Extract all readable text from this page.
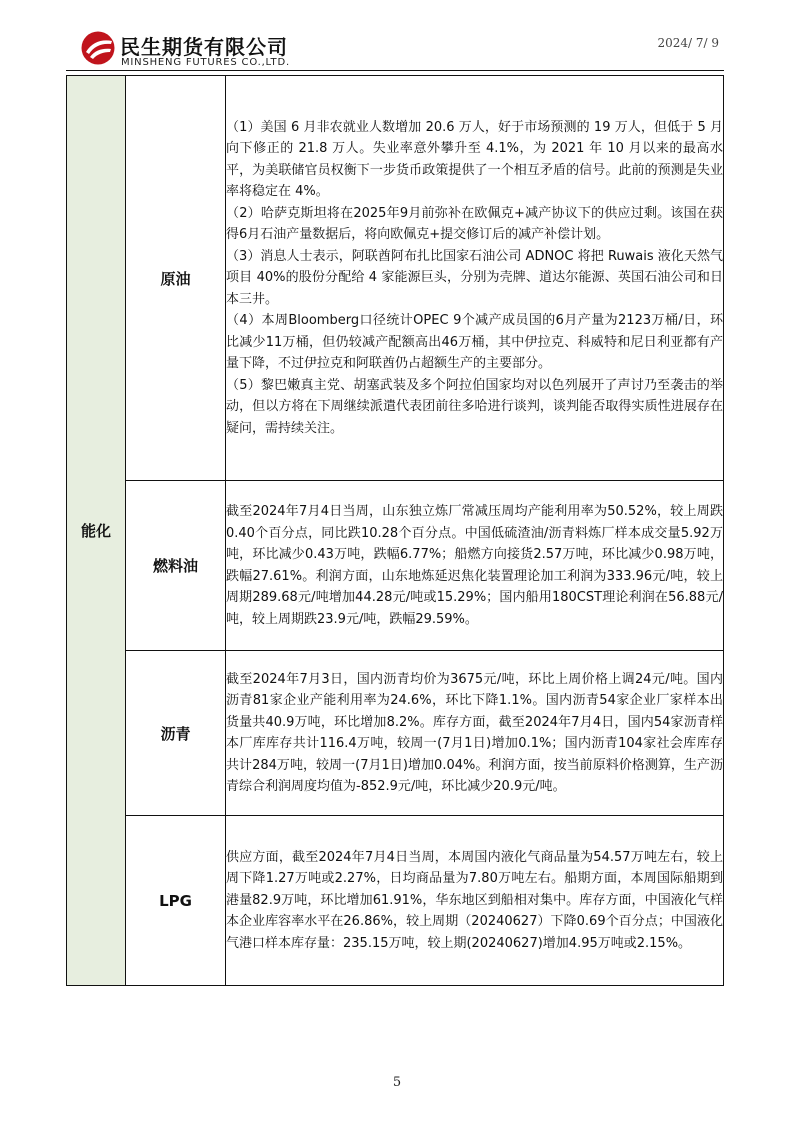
民生期货有限公司
MINSHENG FUTURES CO.,LTD.
2024/ 7/ 9
能化	原油	（1）美国 6 月非农就业人数增加 20.6 万人，好于市场预测的 19 万人，但低于 5 月向下修正的 21.8 万人。失业率意外攀升至 4.1%，为 2021 年 10 月以来的最高水平，为美联储官员权衡下一步货币政策提供了一个相互矛盾的信号。此前的预测是失业率将稳定在 4%。

（2）哈萨克斯坦将在2025年9月前弥补在欧佩克+减产协议下的供应过剩。该国在获得6月石油产量数据后，将向欧佩克+提交修订后的减产补偿计划。

（3）消息人士表示，阿联酋阿布扎比国家石油公司 ADNOC 将把 Ruwais 液化天然气项目 40%的股份分配给 4 家能源巨头，分别为壳牌、道达尔能源、英国石油公司和日本三井。

（4）本周Bloomberg口径统计OPEC 9个减产成员国的6月产量为2123万桶/日，环比减少11万桶，但仍较减产配额高出46万桶，其中伊拉克、科威特和尼日利亚都有产量下降，不过伊拉克和阿联酋仍占超额生产的主要部分。

（5）黎巴嫩真主党、胡塞武装及多个阿拉伯国家均对以色列展开了声讨乃至袭击的举动，但以方将在下周继续派遣代表团前往多哈进行谈判，谈判能否取得实质性进展存在疑问，需持续关注。

	燃料油	截至2024年7月4日当周，山东独立炼厂常减压周均产能利用率为50.52%，较上周跌0.40个百分点，同比跌10.28个百分点。中国低硫渣油/沥青料炼厂样本成交量5.92万吨，环比减少0.43万吨，跌幅6.77%；船燃方向接货2.57万吨，环比减少0.98万吨，跌幅27.61%。利润方面，山东地炼延迟焦化装置理论加工利润为333.96元/吨，较上周期289.68元/吨增加44.28元/吨或15.29%；国内船用180CST理论利润在56.88元/吨，较上周期跌23.9元/吨，跌幅29.59%。

	沥青	截至2024年7月3日，国内沥青均价为3675元/吨，环比上周价格上调24元/吨。国内沥青81家企业产能利用率为24.6%，环比下降1.1%。国内沥青54家企业厂家样本出货量共40.9万吨，环比增加8.2%。库存方面，截至2024年7月4日，国内54家沥青样本厂库库存共计116.4万吨，较周一(7月1日)增加0.1%；国内沥青104家社会库库存共计284万吨，较周一(7月1日)增加0.04%。利润方面，按当前原料价格测算，生产沥青综合利润周度均值为-852.9元/吨，环比减少20.9元/吨。

	LPG	供应方面，截至2024年7月4日当周，本周国内液化气商品量为54.57万吨左右，较上周下降1.27万吨或2.27%，日均商品量为7.80万吨左右。船期方面，本周国际船期到港量82.9万吨，环比增加61.91%，华东地区到船相对集中。库存方面，中国液化气样本企业库容率水平在26.86%，较上周期（20240627）下降0.69个百分点；中国液化气港口样本库存量：235.15万吨，较上期(20240627)增加4.95万吨或2.15%。

5
